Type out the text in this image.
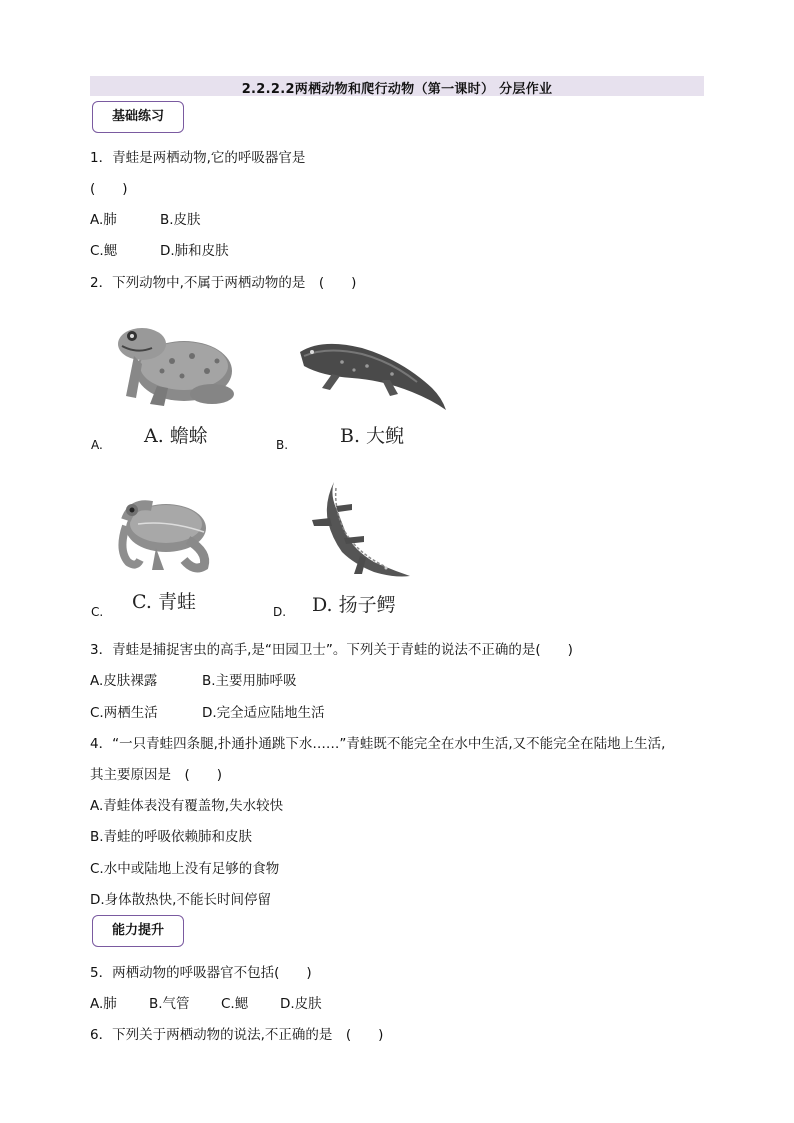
2.2.2.2两栖动物和爬行动物（第一课时） 分层作业
基础练习
1．青蛙是两栖动物,它的呼吸器官是
(　　)
A.肺	B.皮肤
C.鳃	D.肺和皮肤
2．下列动物中,不属于两栖动物的是　(　　)
A. 蟾蜍
A.	B. 大鲵
B.
C. 青蛙
C.	D. 扬子鳄
D.
3．青蛙是捕捉害虫的高手,是“田园卫士”。下列关于青蛙的说法不正确的是(　　)
A.皮肤裸露	B.主要用肺呼吸
C.两栖生活	D.完全适应陆地生活
4．“一只青蛙四条腿,扑通扑通跳下水……”青蛙既不能完全在水中生活,又不能完全在陆地上生活,
其主要原因是　(　　)
A.青蛙体表没有覆盖物,失水较快
B.青蛙的呼吸依赖肺和皮肤
C.水中或陆地上没有足够的食物
D.身体散热快,不能长时间停留
能力提升
5．两栖动物的呼吸器官不包括(　　)
A.肺 B.气管 C.鳃 D.皮肤
6．下列关于两栖动物的说法,不正确的是　(　　)
